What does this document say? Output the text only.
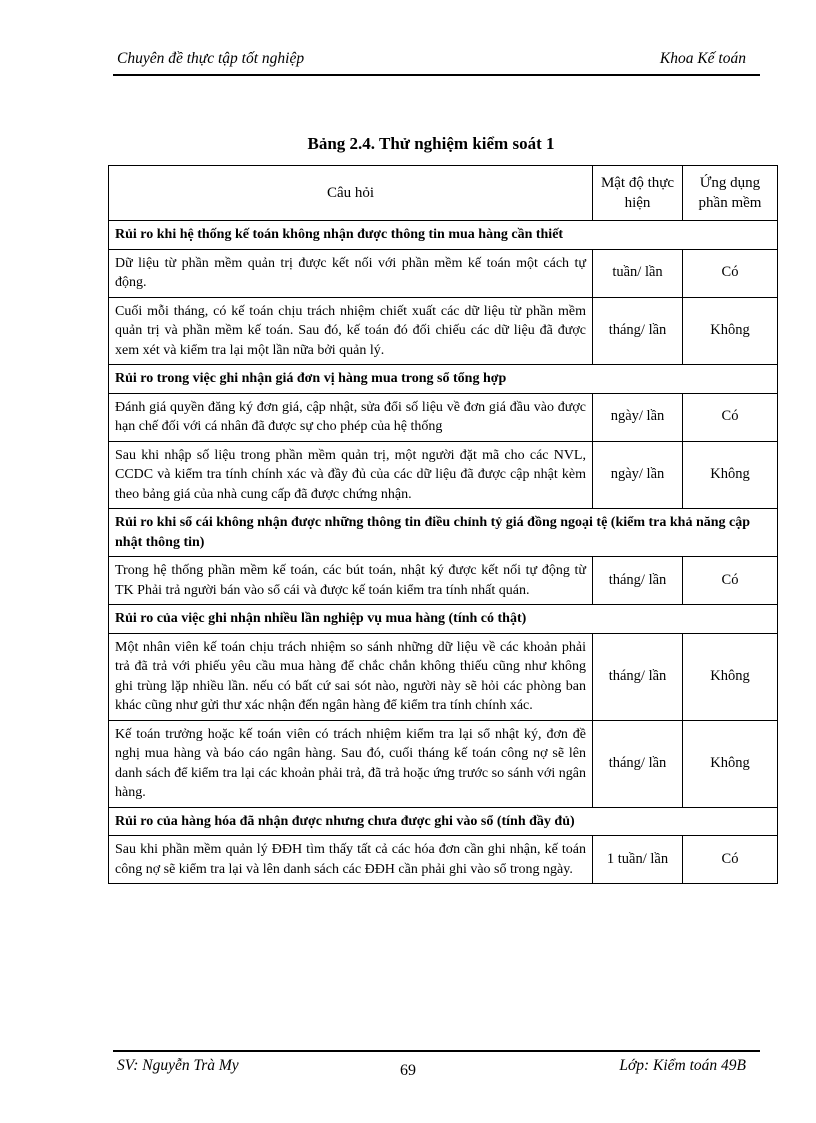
Chuyên đề thực tập tốt nghiệp	Khoa Kế toán
Bảng 2.4. Thử nghiệm kiểm soát 1
Câu hỏi	Mật độ thực hiện	Ứng dụng phần mềm
Rủi ro khi hệ thống kế toán không nhận được thông tin mua hàng cần thiết		
Dữ liệu từ phần mềm quản trị được kết nối với phần mềm kế toán một cách tự động.	tuần/ lần	Có
Cuối mỗi tháng, có kế toán chịu trách nhiệm chiết xuất các dữ liệu từ phần mềm quản trị và phần mềm kế toán. Sau đó, kế toán đó đối chiếu các dữ liệu đã được xem xét và kiểm tra lại một lần nữa bởi quản lý.	tháng/ lần	Không
Rủi ro trong việc ghi nhận giá đơn vị hàng mua trong sổ tổng hợp		
Đánh giá quyền đăng ký đơn giá, cập nhật, sửa đổi số liệu về đơn giá đầu vào được hạn chế đối với cá nhân đã được sự cho phép của hệ thống	ngày/ lần	Có
Sau khi nhập số liệu trong phần mềm quản trị, một người đặt mã cho các NVL, CCDC và kiểm tra tính chính xác và đầy đủ của các dữ liệu đã được cập nhật kèm theo bảng giá của nhà cung cấp đã được chứng nhận.	ngày/ lần	Không
Rủi ro khi sổ cái không nhận được những thông tin điều chỉnh tỷ giá đồng ngoại tệ (kiểm tra khả năng cập nhật thông tin)		
Trong hệ thống phần mềm kế toán, các bút toán, nhật ký được kết nối tự động từ TK Phải trả người bán vào sổ cái và được kế toán kiểm tra tính nhất quán.	tháng/ lần	Có
Rủi ro của việc ghi nhận nhiều lần nghiệp vụ mua hàng (tính có thật)		
Một nhân viên kế toán chịu trách nhiệm so sánh những dữ liệu về các khoản phải trả đã trả với phiếu yêu cầu mua hàng để chắc chắn không thiếu cũng như không ghi trùng lặp nhiều lần. nếu có bất cứ sai sót nào, người này sẽ hỏi các phòng ban khác cũng như gửi thư xác nhận đến ngân hàng để kiểm tra tính chính xác.	tháng/ lần	Không
Kế toán trưởng hoặc kế toán viên có trách nhiệm kiểm tra lại sổ nhật ký, đơn đề nghị mua hàng và báo cáo ngân hàng. Sau đó, cuối tháng kế toán công nợ sẽ lên danh sách để kiểm tra lại các khoản phải trả, đã trả hoặc ứng trước so sánh với ngân hàng.	tháng/ lần	Không
Rủi ro của hàng hóa đã nhận được nhưng chưa được ghi vào sổ (tính đầy đủ)		
Sau khi phần mềm quản lý ĐĐH tìm thấy tất cả các hóa đơn cần ghi nhận, kế toán công nợ sẽ kiểm tra lại và lên danh sách các ĐĐH cần phải ghi vào sổ trong ngày.	1 tuần/ lần	Có
SV: Nguyễn Trà My	Lớp: Kiểm toán 49B
69
